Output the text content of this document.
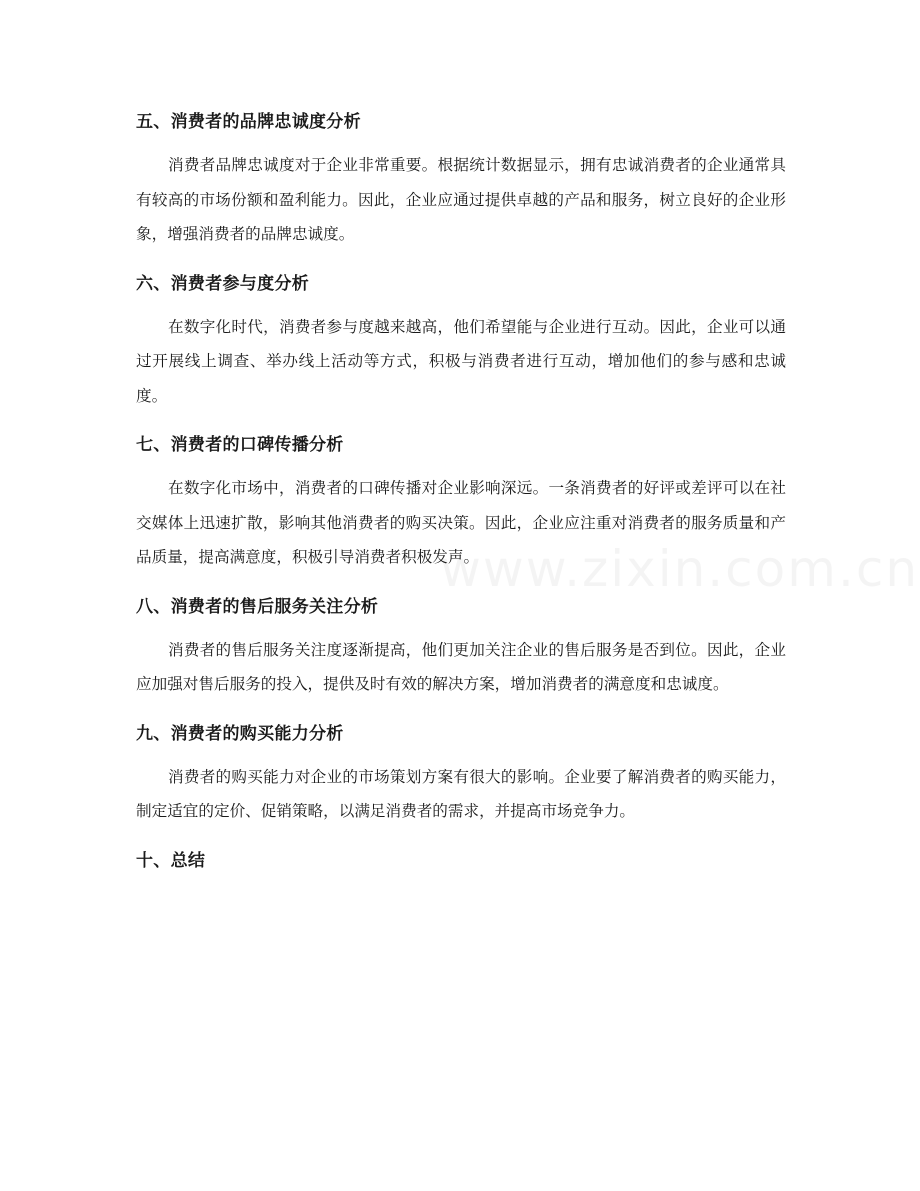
五、消费者的品牌忠诚度分析

消费者品牌忠诚度对于企业非常重要。根据统计数据显示，拥有忠诚消费者的企业通常具有较高的市场份额和盈利能力。因此，企业应通过提供卓越的产品和服务，树立良好的企业形象，增强消费者的品牌忠诚度。

六、消费者参与度分析

在数字化时代，消费者参与度越来越高，他们希望能与企业进行互动。因此，企业可以通过开展线上调查、举办线上活动等方式，积极与消费者进行互动，增加他们的参与感和忠诚度。

七、消费者的口碑传播分析

在数字化市场中，消费者的口碑传播对企业影响深远。一条消费者的好评或差评可以在社交媒体上迅速扩散，影响其他消费者的购买决策。因此，企业应注重对消费者的服务质量和产品质量，提高满意度，积极引导消费者积极发声。

八、消费者的售后服务关注分析

消费者的售后服务关注度逐渐提高，他们更加关注企业的售后服务是否到位。因此，企业应加强对售后服务的投入，提供及时有效的解决方案，增加消费者的满意度和忠诚度。

九、消费者的购买能力分析

消费者的购买能力对企业的市场策划方案有很大的影响。企业要了解消费者的购买能力，制定适宜的定价、促销策略，以满足消费者的需求，并提高市场竞争力。

十、总结
